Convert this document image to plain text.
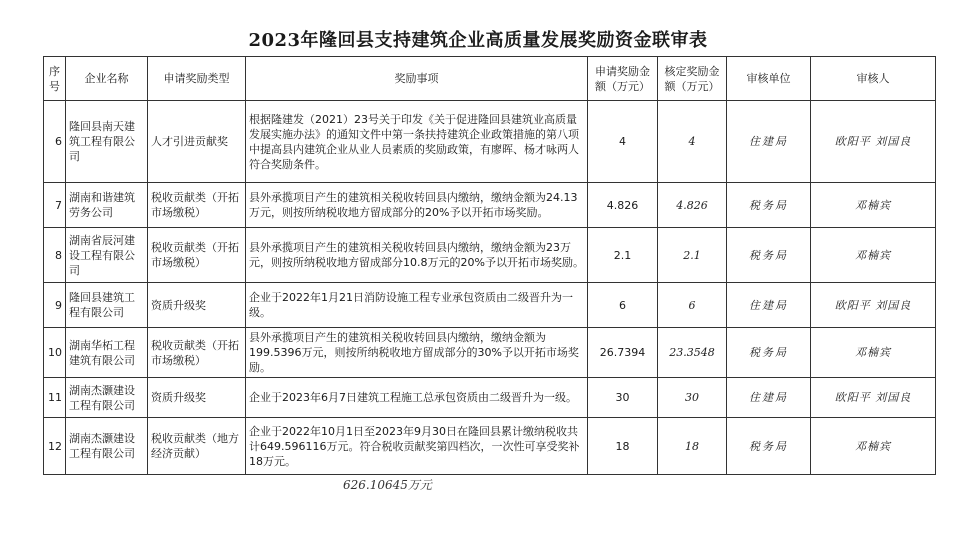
2023年隆回县支持建筑企业高质量发展奖励资金联审表
序号	企业名称	申请奖励类型	奖励事项	申请奖励金额（万元）	核定奖励金额（万元）	审核单位	审核人
6	隆回县南天建筑工程有限公司	人才引进贡献奖	根据隆建发（2021）23号关于印发《关于促进隆回县建筑业高质量发展实施办法》的通知文件中第一条扶持建筑企业政策措施的第八项中提高县内建筑企业从业人员素质的奖励政策，有廖晖、杨才咏两人符合奖励条件。	4	4	住建局	欧阳平 刘国良
7	湖南和谐建筑劳务公司	税收贡献类（开拓市场缴税）	县外承揽项目产生的建筑相关税收转回县内缴纳，缴纳金额为24.13万元，则按所纳税收地方留成部分的20%予以开拓市场奖励。	4.826	4.826	税务局	邓楠宾
8	湖南省辰河建设工程有限公司	税收贡献类（开拓市场缴税）	县外承揽项目产生的建筑相关税收转回县内缴纳，缴纳金额为23万元，则按所纳税收地方留成部分10.8万元的20%予以开拓市场奖励。	2.1	2.1	税务局	邓楠宾
9	隆回县建筑工程有限公司	资质升级奖	企业于2022年1月21日消防设施工程专业承包资质由二级晋升为一级。	6	6	住建局	欧阳平 刘国良
10	湖南华柘工程建筑有限公司	税收贡献类（开拓市场缴税）	县外承揽项目产生的建筑相关税收转回县内缴纳，缴纳金额为199.5396万元，则按所纳税收地方留成部分的30%予以开拓市场奖励。	26.7394	23.3548	税务局	邓楠宾
11	湖南杰灏建设工程有限公司	资质升级奖	企业于2023年6月7日建筑工程施工总承包资质由二级晋升为一级。	30	30	住建局	欧阳平 刘国良
12	湖南杰灏建设工程有限公司	税收贡献类（地方经济贡献）	企业于2022年10月1日至2023年9月30日在隆回县累计缴纳税收共计649.596116万元。符合税收贡献奖第四档次，一次性可享受奖补18万元。	18	18	税务局	邓楠宾
626.10645万元
